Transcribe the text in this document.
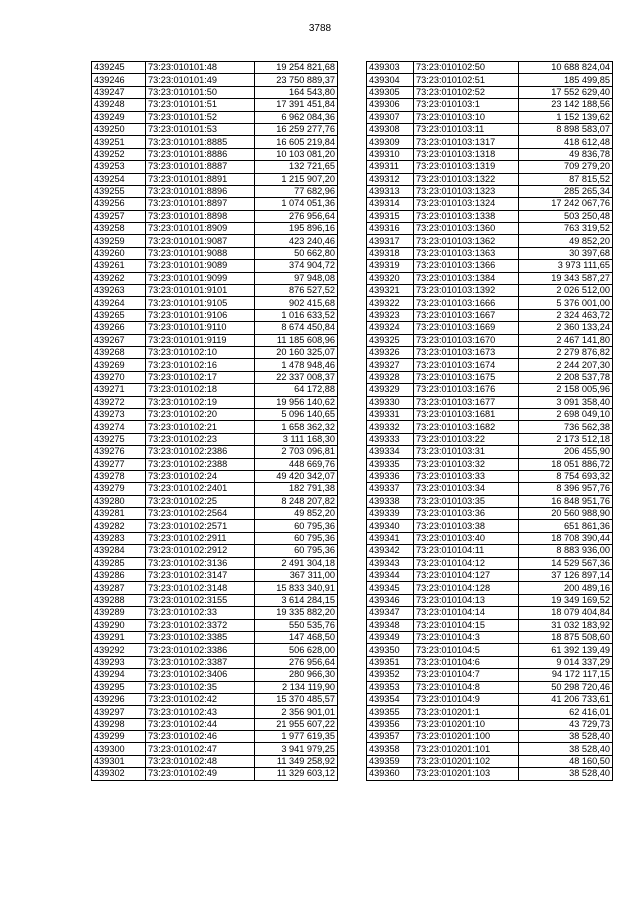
3788
439245	73:23:010101:48	19 254 821,68
439246	73:23:010101:49	23 750 889,37
439247	73:23:010101:50	164 543,80
439248	73:23:010101:51	17 391 451,84
439249	73:23:010101:52	6 962 084,36
439250	73:23:010101:53	16 259 277,76
439251	73:23:010101:8885	16 605 219,84
439252	73:23:010101:8886	10 103 081,20
439253	73:23:010101:8887	132 721,65
439254	73:23:010101:8891	1 215 907,20
439255	73:23:010101:8896	77 682,96
439256	73:23:010101:8897	1 074 051,36
439257	73:23:010101:8898	276 956,64
439258	73:23:010101:8909	195 896,16
439259	73:23:010101:9087	423 240,46
439260	73:23:010101:9088	50 662,80
439261	73:23:010101:9089	374 904,72
439262	73:23:010101:9099	97 948,08
439263	73:23:010101:9101	876 527,52
439264	73:23:010101:9105	902 415,68
439265	73:23:010101:9106	1 016 633,52
439266	73:23:010101:9110	8 674 450,84
439267	73:23:010101:9119	11 185 608,96
439268	73:23:010102:10	20 160 325,07
439269	73:23:010102:16	1 478 948,46
439270	73:23:010102:17	22 337 008,37
439271	73:23:010102:18	64 172,88
439272	73:23:010102:19	19 956 140,62
439273	73:23:010102:20	5 096 140,65
439274	73:23:010102:21	1 658 362,32
439275	73:23:010102:23	3 111 168,30
439276	73:23:010102:2386	2 703 096,81
439277	73:23:010102:2388	448 669,76
439278	73:23:010102:24	49 420 342,07
439279	73:23:010102:2401	182 791,38
439280	73:23:010102:25	8 248 207,82
439281	73:23:010102:2564	49 852,20
439282	73:23:010102:2571	60 795,36
439283	73:23:010102:2911	60 795,36
439284	73:23:010102:2912	60 795,36
439285	73:23:010102:3136	2 491 304,18
439286	73:23:010102:3147	367 311,00
439287	73:23:010102:3148	15 833 340,91
439288	73:23:010102:3155	3 614 284,15
439289	73:23:010102:33	19 335 882,20
439290	73:23:010102:3372	550 535,76
439291	73:23:010102:3385	147 468,50
439292	73:23:010102:3386	506 628,00
439293	73:23:010102:3387	276 956,64
439294	73:23:010102:3406	280 966,30
439295	73:23:010102:35	2 134 119,90
439296	73:23:010102:42	15 370 485,57
439297	73:23:010102:43	2 356 901,01
439298	73:23:010102:44	21 955 607,22
439299	73:23:010102:46	1 977 619,35
439300	73:23:010102:47	3 941 979,25
439301	73:23:010102:48	11 349 258,92
439302	73:23:010102:49	11 329 603,12
439303	73:23:010102:50	10 688 824,04
439304	73:23:010102:51	185 499,85
439305	73:23:010102:52	17 552 629,40
439306	73:23:010103:1	23 142 188,56
439307	73:23:010103:10	1 152 139,62
439308	73:23:010103:11	8 898 583,07
439309	73:23:010103:1317	418 612,48
439310	73:23:010103:1318	49 836,78
439311	73:23:010103:1319	709 279,20
439312	73:23:010103:1322	87 815,52
439313	73:23:010103:1323	285 265,34
439314	73:23:010103:1324	17 242 067,76
439315	73:23:010103:1338	503 250,48
439316	73:23:010103:1360	763 319,52
439317	73:23:010103:1362	49 852,20
439318	73:23:010103:1363	30 397,68
439319	73:23:010103:1366	3 973 111,65
439320	73:23:010103:1384	19 343 587,27
439321	73:23:010103:1392	2 026 512,00
439322	73:23:010103:1666	5 376 001,00
439323	73:23:010103:1667	2 324 463,72
439324	73:23:010103:1669	2 360 133,24
439325	73:23:010103:1670	2 467 141,80
439326	73:23:010103:1673	2 279 876,82
439327	73:23:010103:1674	2 244 207,30
439328	73:23:010103:1675	2 208 537,78
439329	73:23:010103:1676	2 158 005,96
439330	73:23:010103:1677	3 091 358,40
439331	73:23:010103:1681	2 698 049,10
439332	73:23:010103:1682	736 562,38
439333	73:23:010103:22	2 173 512,18
439334	73:23:010103:31	206 455,90
439335	73:23:010103:32	18 051 886,72
439336	73:23:010103:33	8 754 693,32
439337	73:23:010103:34	8 396 957,76
439338	73:23:010103:35	16 848 951,76
439339	73:23:010103:36	20 560 988,90
439340	73:23:010103:38	651 861,36
439341	73:23:010103:40	18 708 390,44
439342	73:23:010104:11	8 883 936,00
439343	73:23:010104:12	14 529 567,36
439344	73:23:010104:127	37 126 897,14
439345	73:23:010104:128	200 489,16
439346	73:23:010104:13	19 349 169,52
439347	73:23:010104:14	18 079 404,84
439348	73:23:010104:15	31 032 183,92
439349	73:23:010104:3	18 875 508,60
439350	73:23:010104:5	61 392 139,49
439351	73:23:010104:6	9 014 337,29
439352	73:23:010104:7	94 172 117,15
439353	73:23:010104:8	50 298 720,46
439354	73:23:010104:9	41 206 733,61
439355	73:23:010201:1	62 416,01
439356	73:23:010201:10	43 729,73
439357	73:23:010201:100	38 528,40
439358	73:23:010201:101	38 528,40
439359	73:23:010201:102	48 160,50
439360	73:23:010201:103	38 528,40
